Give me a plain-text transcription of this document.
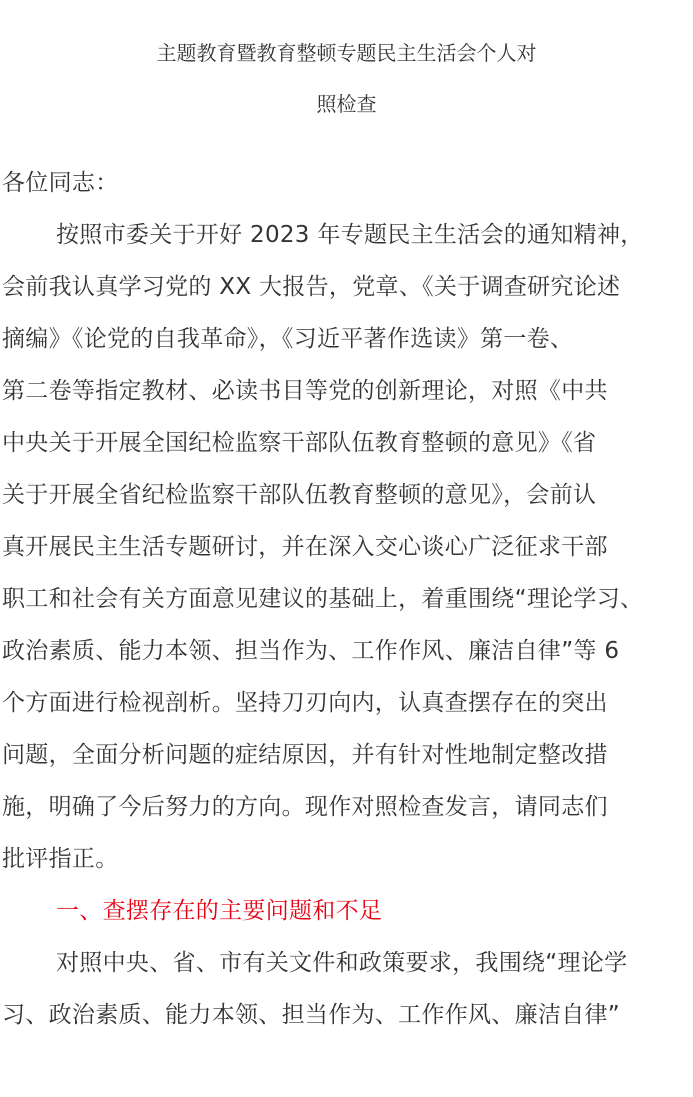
主题教育暨教育整顿专题民主生活会个人对
照检查
各位同志：
按照市委关于开好 2023 年专题民主生活会的通知精神，
会前我认真学习党的 XX 大报告，党章、《关于调查研究论述
摘编》《论党的自我革命》，《习近平著作选读》第一卷、
第二卷等指定教材、必读书目等党的创新理论，对照《中共
中央关于开展全国纪检监察干部队伍教育整顿的意见》《省
关于开展全省纪检监察干部队伍教育整顿的意见》，会前认
真开展民主生活专题研讨，并在深入交心谈心广泛征求干部
职工和社会有关方面意见建议的基础上，着重围绕“理论学习、
政治素质、能力本领、担当作为、工作作风、廉洁自律”等 6
个方面进行检视剖析。坚持刀刃向内，认真查摆存在的突出
问题，全面分析问题的症结原因，并有针对性地制定整改措
施，明确了今后努力的方向。现作对照检查发言，请同志们
批评指正。
一、查摆存在的主要问题和不足
对照中央、省、市有关文件和政策要求，我围绕“理论学
习、政治素质、能力本领、担当作为、工作作风、廉洁自律”
